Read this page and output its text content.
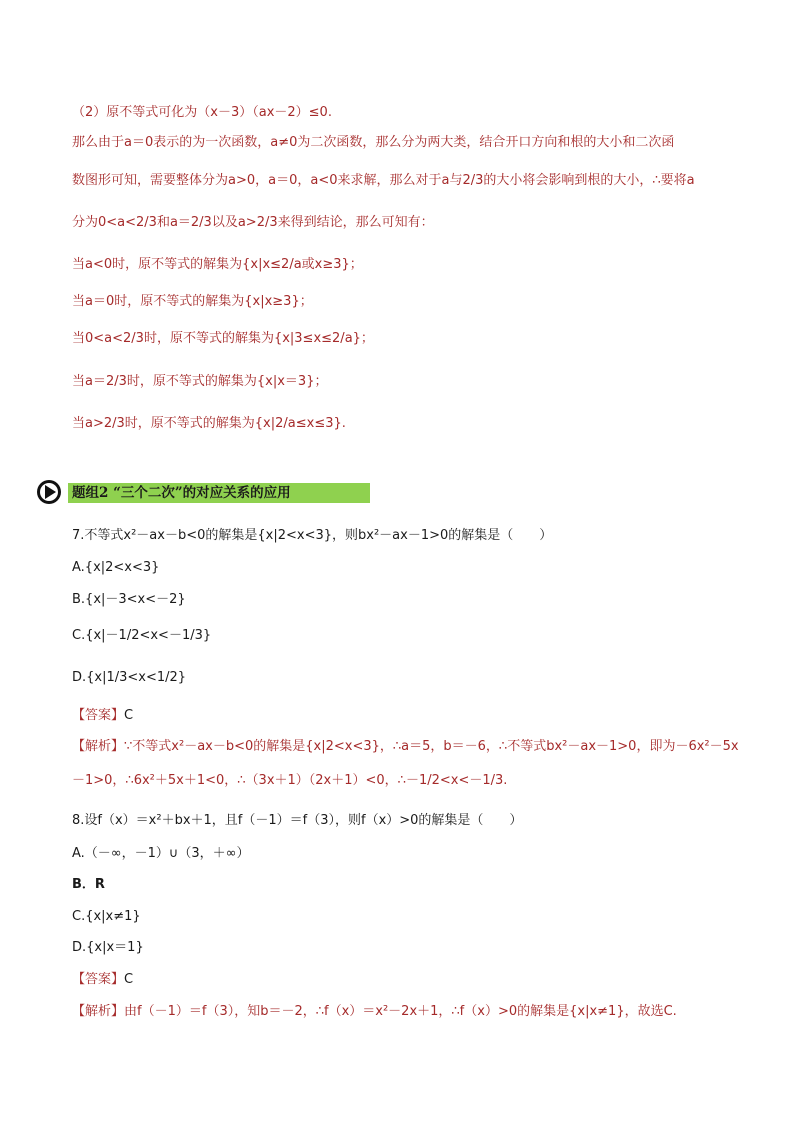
（2）原不等式可化为（x－3）（ax－2）≤0.
那么由于a＝0表示的为一次函数，a≠0为二次函数，那么分为两大类，结合开口方向和根的大小和二次函
数图形可知，需要整体分为a>0，a＝0，a<0来求解，那么对于a与2/3的大小将会影响到根的大小，∴要将a
分为0<a<2/3和a＝2/3以及a>2/3来得到结论，那么可知有：
当a<0时，原不等式的解集为{x|x≤2/a或x≥3}；
当a＝0时，原不等式的解集为{x|x≥3}；
当0<a<2/3时，原不等式的解集为{x|3≤x≤2/a}；
当a＝2/3时，原不等式的解集为{x|x＝3}；
当a>2/3时，原不等式的解集为{x|2/a≤x≤3}.
题组2 “三个二次”的对应关系的应用
7.不等式x²－ax－b<0的解集是{x|2<x<3}，则bx²－ax－1>0的解集是（　　）
A.{x|2<x<3}
B.{x|－3<x<－2}
C.{x|－1/2<x<－1/3}
D.{x|1/3<x<1/2}
【答案】C
【解析】∵不等式x²－ax－b<0的解集是{x|2<x<3}，∴a＝5，b＝－6，∴不等式bx²－ax－1>0，即为－6x²－5x
－1>0，∴6x²＋5x＋1<0，∴（3x＋1）（2x＋1）<0，∴－1/2<x<－1/3.
8.设f（x）＝x²＋bx＋1，且f（－1）＝f（3），则f（x）>0的解集是（　　）
A.（－∞，－1）∪（3，＋∞）
B．R
C.{x|x≠1}
D.{x|x＝1}
【答案】C
【解析】由f（－1）＝f（3），知b＝－2，∴f（x）＝x²－2x＋1，∴f（x）>0的解集是{x|x≠1}，故选C.
